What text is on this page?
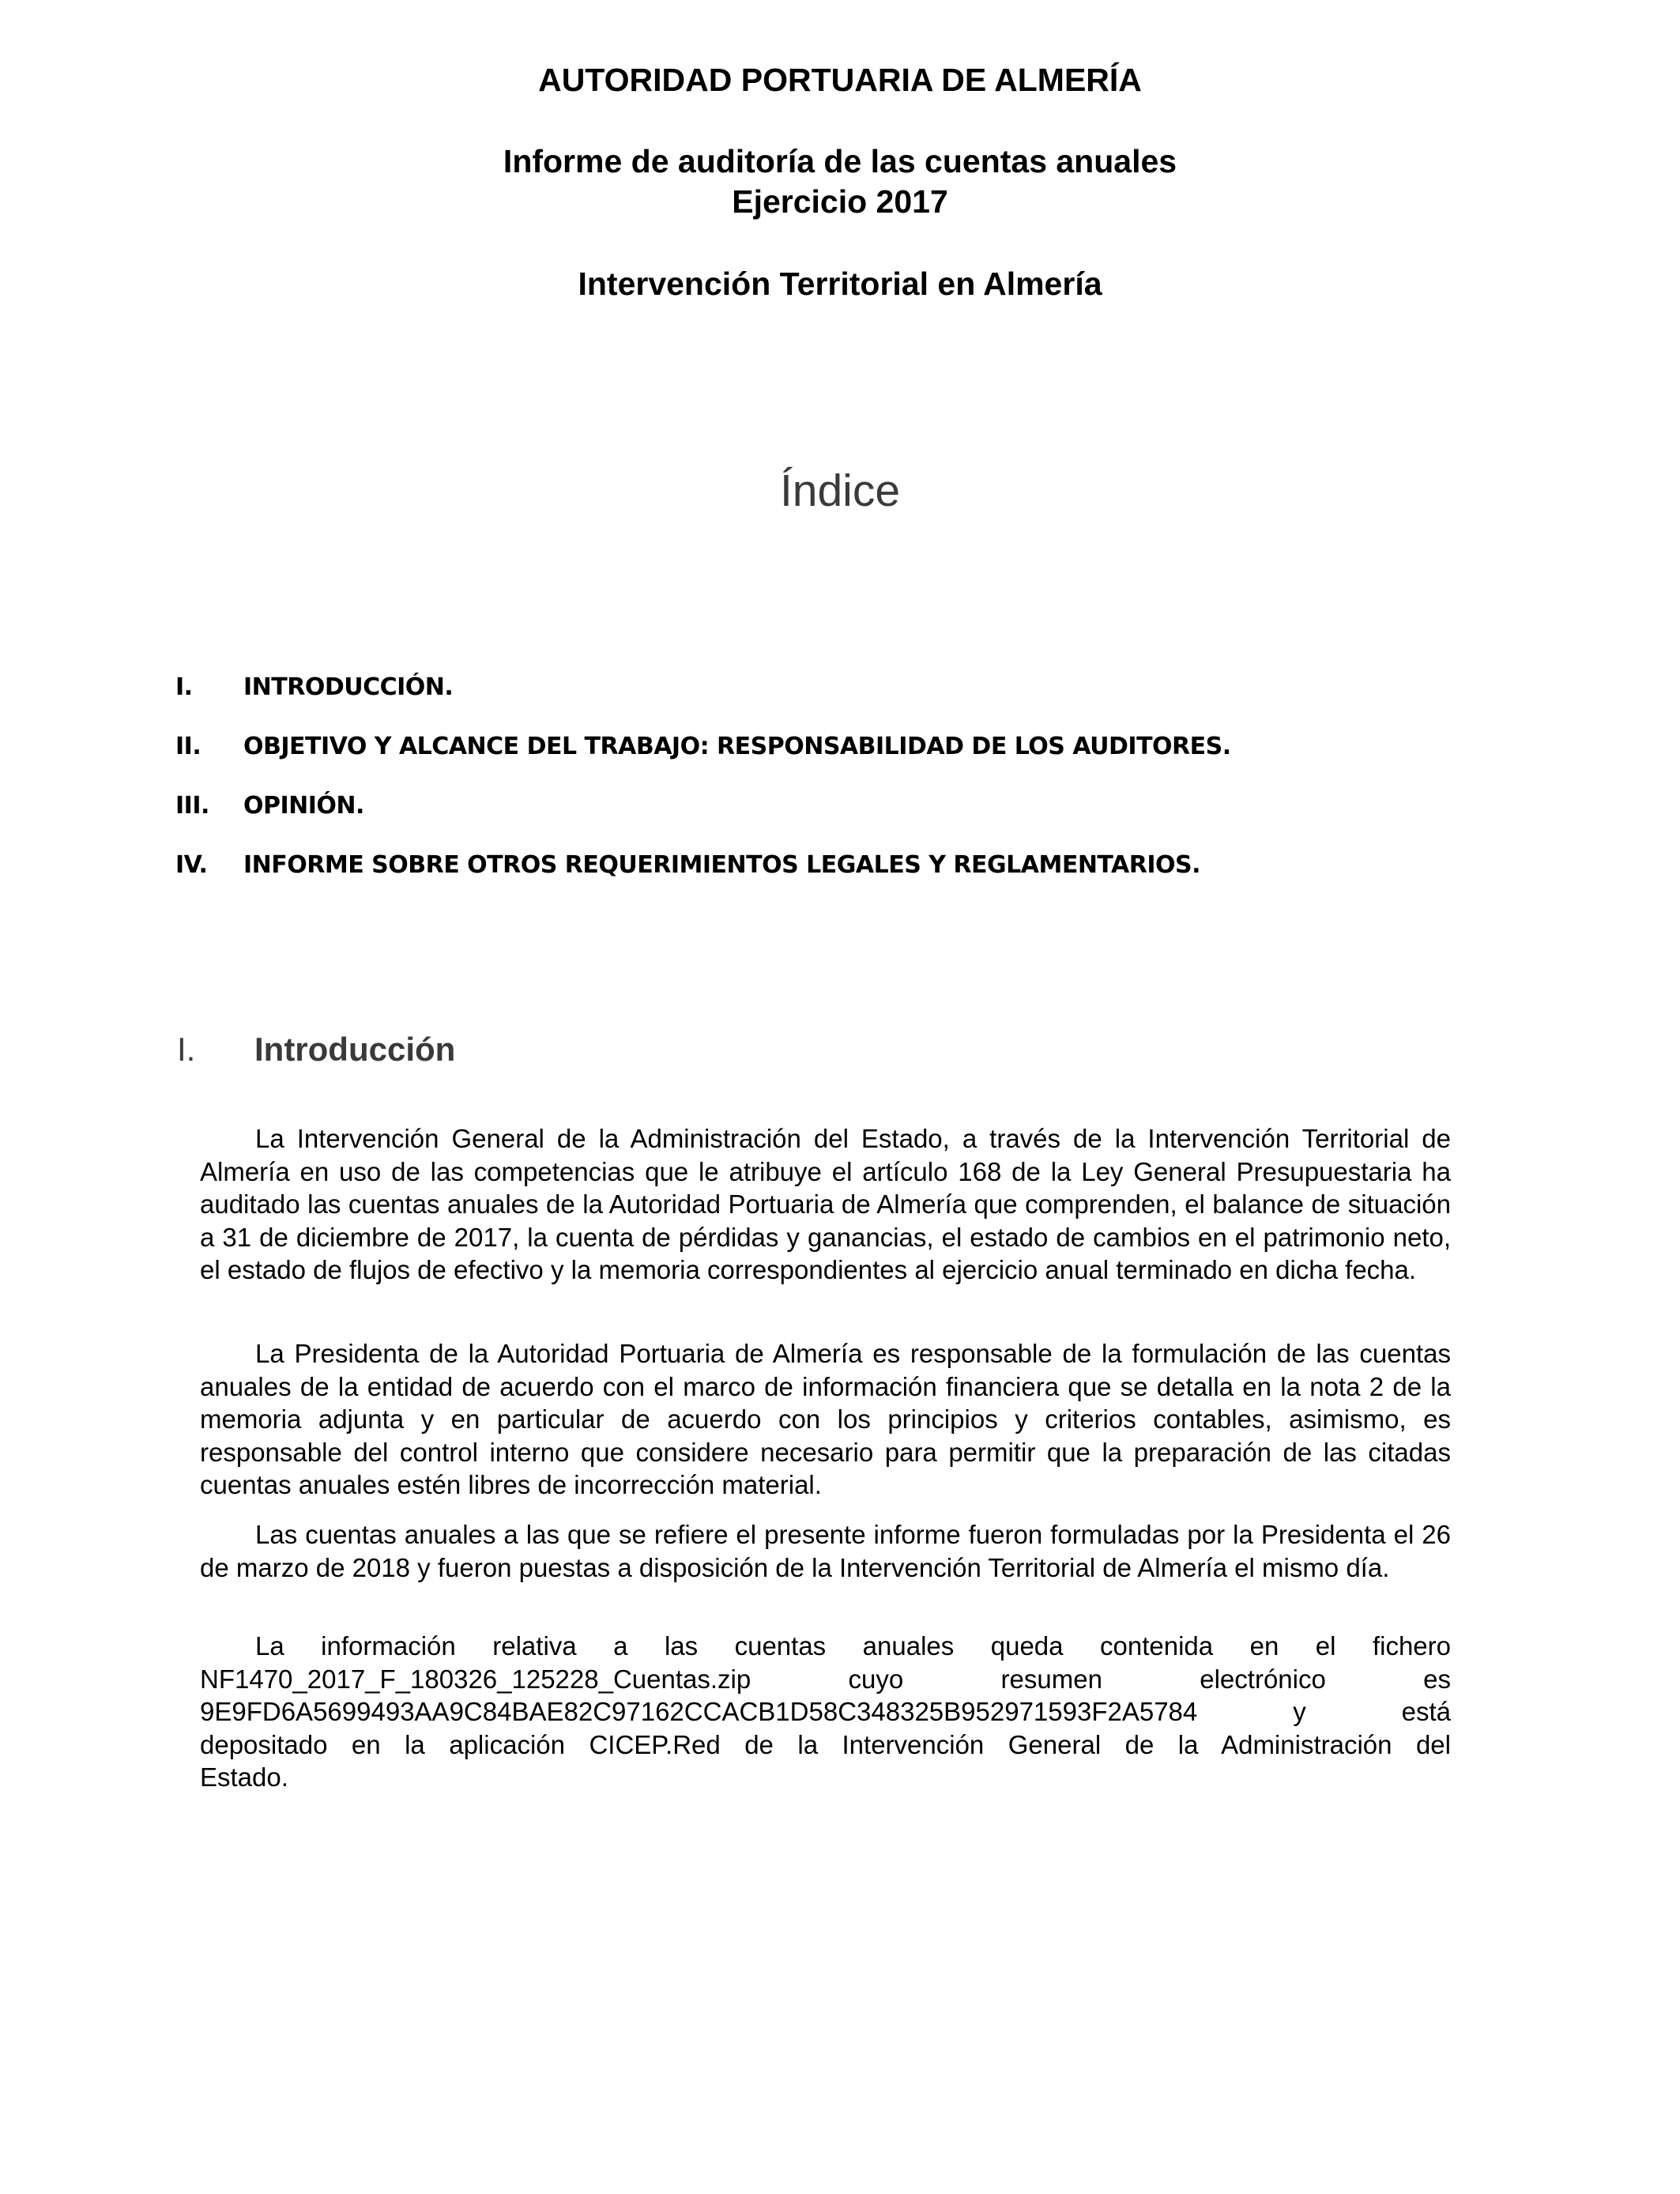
AUTORIDAD PORTUARIA DE ALMERÍA
Informe de auditoría de las cuentas anuales
Ejercicio 2017
Intervención Territorial en Almería
Índice
I. INTRODUCCIÓN.
II. OBJETIVO Y ALCANCE DEL TRABAJO: RESPONSABILIDAD DE LOS AUDITORES.
III. OPINIÓN.
IV. INFORME SOBRE OTROS REQUERIMIENTOS LEGALES Y REGLAMENTARIOS.
I. Introducción

La Intervención General de la Administración del Estado, a través de la Intervención Territorial de Almería en uso de las competencias que le atribuye el artículo 168 de la Ley General Presupuestaria ha auditado las cuentas anuales de la Autoridad Portuaria de Almería que comprenden, el balance de situación a 31 de diciembre de 2017, la cuenta de pérdidas y ganancias, el estado de cambios en el patrimonio neto, el estado de flujos de efectivo y la memoria correspondientes al ejercicio anual terminado en dicha fecha.

La Presidenta de la Autoridad Portuaria de Almería es responsable de la formulación de las cuentas anuales de la entidad de acuerdo con el marco de información financiera que se detalla en la nota 2 de la memoria adjunta y en particular de acuerdo con los principios y criterios contables, asimismo, es responsable del control interno que considere necesario para permitir que la preparación de las citadas cuentas anuales estén libres de incorrección material.

Las cuentas anuales a las que se refiere el presente informe fueron formuladas por la Presidenta el 26 de marzo de 2018 y fueron puestas a disposición de la Intervención Territorial de Almería el mismo día.

La información relativa a las cuentas anuales queda contenida en el fichero
NF1470_2017_F_180326_125228_Cuentas.zip cuyo resumen electrónico es
9E9FD6A5699493AA9C84BAE82C97162CCACB1D58C348325B952971593F2A5784 y está
depositado en la aplicación CICEP.Red de la Intervención General de la Administración del
Estado.
